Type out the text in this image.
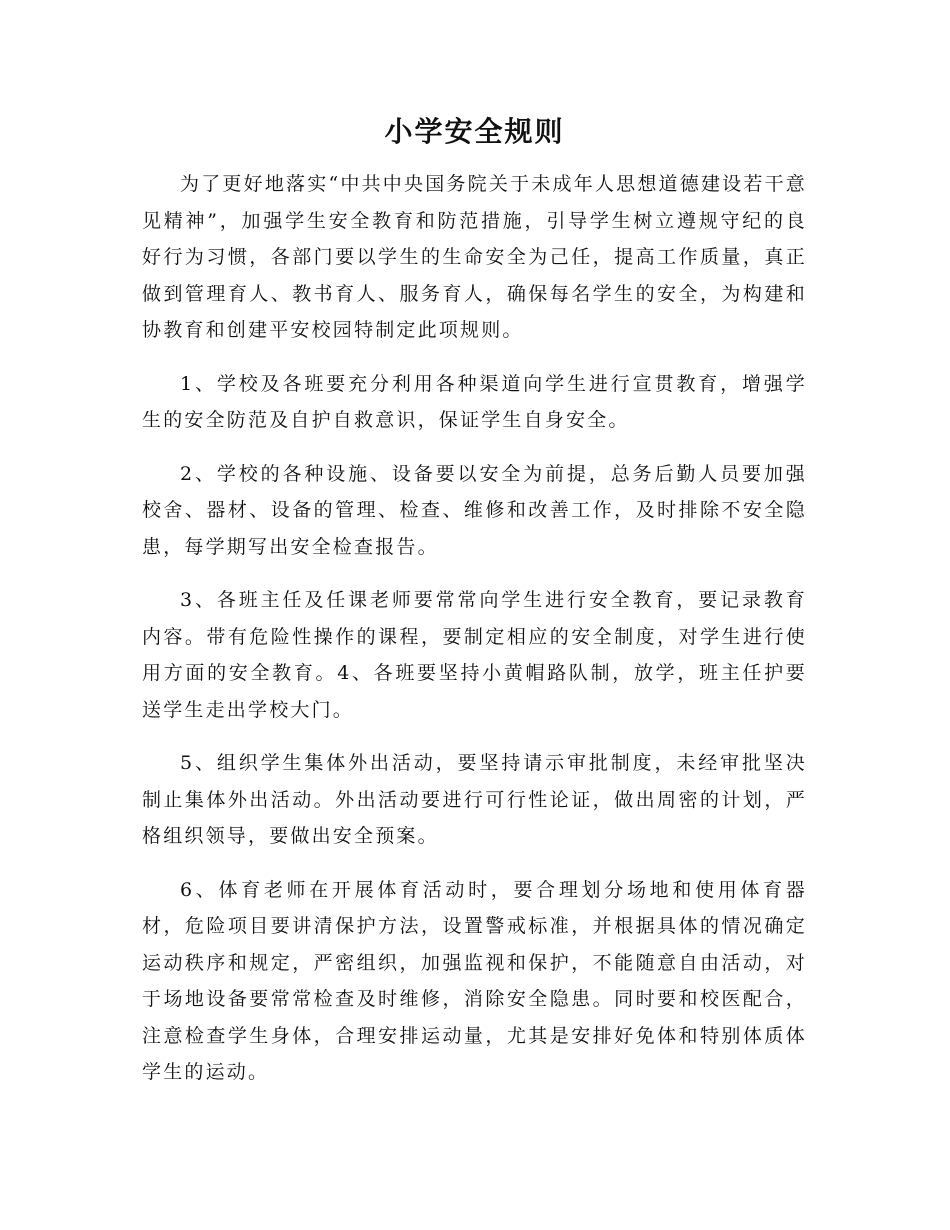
小学安全规则

为了更好地落实“中共中央国务院关于未成年人思想道德建设若干意见精神”，加强学生安全教育和防范措施，引导学生树立遵规守纪的良好行为习惯，各部门要以学生的生命安全为己任，提高工作质量，真正做到管理育人、教书育人、服务育人，确保每名学生的安全，为构建和协教育和创建平安校园特制定此项规则。

1、学校及各班要充分利用各种渠道向学生进行宣贯教育，增强学生的安全防范及自护自救意识，保证学生自身安全。

2、学校的各种设施、设备要以安全为前提，总务后勤人员要加强校舍、器材、设备的管理、检查、维修和改善工作，及时排除不安全隐患，每学期写出安全检查报告。

3、各班主任及任课老师要常常向学生进行安全教育，要记录教育内容。带有危险性操作的课程，要制定相应的安全制度，对学生进行使用方面的安全教育。4、各班要坚持小黄帽路队制，放学，班主任护要送学生走出学校大门。

5、组织学生集体外出活动，要坚持请示审批制度，未经审批坚决制止集体外出活动。外出活动要进行可行性论证，做出周密的计划，严格组织领导，要做出安全预案。

6、体育老师在开展体育活动时，要合理划分场地和使用体育器材，危险项目要讲清保护方法，设置警戒标准，并根据具体的情况确定运动秩序和规定，严密组织，加强监视和保护，不能随意自由活动，对于场地设备要常常检查及时维修，消除安全隐患。同时要和校医配合，注意检查学生身体，合理安排运动量，尤其是安排好免体和特别体质体学生的运动。
